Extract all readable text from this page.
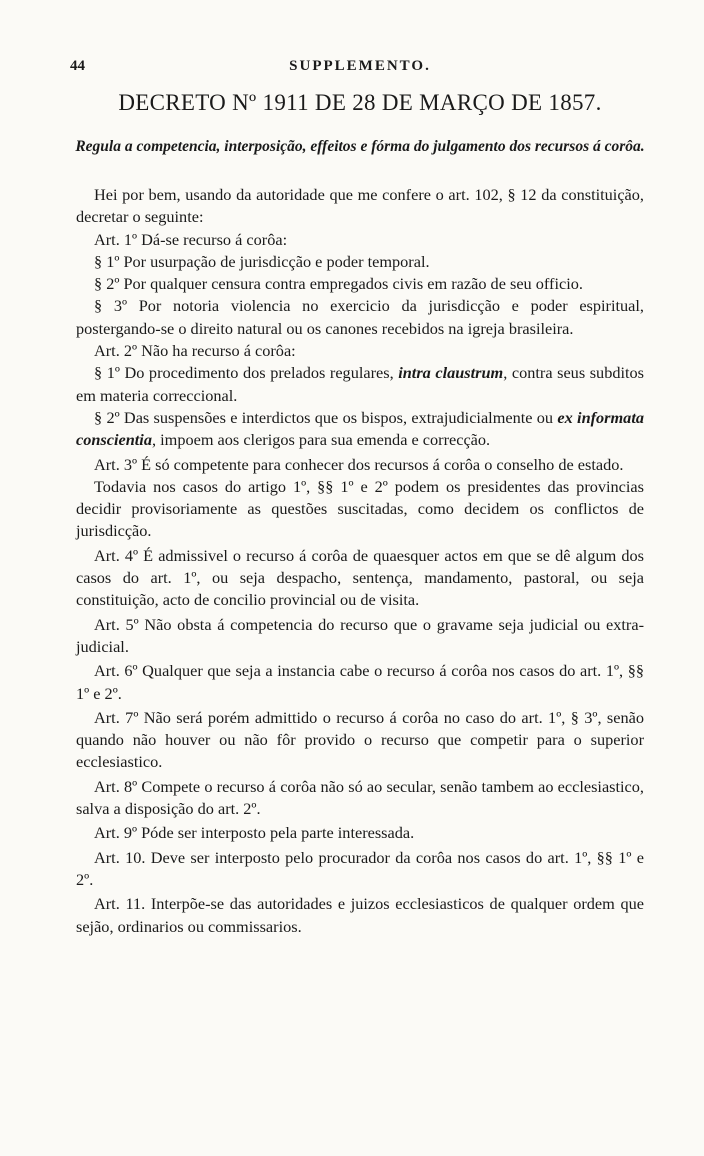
44	SUPPLEMENTO.
DECRETO Nº 1911 DE 28 DE MARÇO DE 1857.
Regula a competencia, interposição, effeitos e fórma do julgamento dos recursos á corôa.

Hei por bem, usando da autoridade que me confere o art. 102, § 12 da constituição, decretar o seguinte:

Art. 1º Dá-se recurso á corôa:

§ 1º Por usurpação de jurisdicção e poder temporal.

§ 2º Por qualquer censura contra empregados civis em razão de seu officio.

§ 3º Por notoria violencia no exercicio da jurisdicção e poder espiritual, postergando-se o direito natural ou os canones recebidos na igreja brasileira.

Art. 2º Não ha recurso á corôa:

§ 1º Do procedimento dos prelados regulares, intra claustrum, contra seus subditos em materia correccional.

§ 2º Das suspensões e interdictos que os bispos, extrajudicialmente ou ex informata conscientia, impoem aos clerigos para sua emenda e correcção.

Art. 3º É só competente para conhecer dos recursos á corôa o conselho de estado.

Todavia nos casos do artigo 1º, §§ 1º e 2º podem os presidentes das provincias decidir provisoriamente as questões suscitadas, como decidem os conflictos de jurisdicção.

Art. 4º É admissivel o recurso á corôa de quaesquer actos em que se dê algum dos casos do art. 1º, ou seja despacho, sentença, mandamento, pastoral, ou seja constituição, acto de concilio provincial ou de visita.

Art. 5º Não obsta á competencia do recurso que o gravame seja judicial ou extra-judicial.

Art. 6º Qualquer que seja a instancia cabe o recurso á corôa nos casos do art. 1º, §§ 1º e 2º.

Art. 7º Não será porém admittido o recurso á corôa no caso do art. 1º, § 3º, senão quando não houver ou não fôr provido o recurso que competir para o superior ecclesiastico.

Art. 8º Compete o recurso á corôa não só ao secular, senão tambem ao ecclesiastico, salva a disposição do art. 2º.

Art. 9º Póde ser interposto pela parte interessada.

Art. 10. Deve ser interposto pelo procurador da corôa nos casos do art. 1º, §§ 1º e 2º.

Art. 11. Interpõe-se das autoridades e juizos ecclesiasticos de qualquer ordem que sejão, ordinarios ou commissarios.
